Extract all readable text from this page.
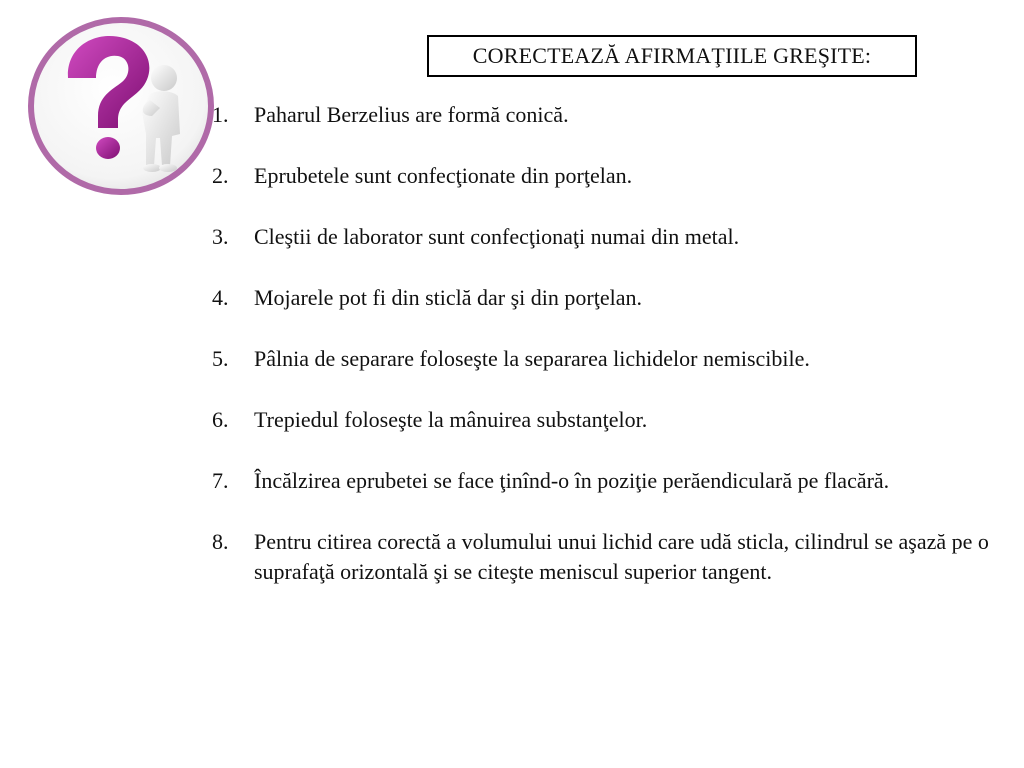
CORECTEAZĂ AFIRMAŢIILE GREŞITE:
1.	Paharul Berzelius are formă conică.
2.	Eprubetele sunt confecţionate din porţelan.
3.	Cleştii de laborator sunt confecţionaţi numai din metal.
4.	Mojarele pot fi din sticlă dar şi din porţelan.
5.	Pâlnia de separare foloseşte la separarea lichidelor nemiscibile.
6.	Trepiedul foloseşte la mânuirea substanţelor.
7.	Încălzirea eprubetei se face ţinînd-o în poziţie perăendiculară pe flacără.
8.	Pentru citirea corectă a volumului unui lichid care udă sticla, cilindrul se aşază pe o suprafaţă orizontală şi se citeşte meniscul superior tangent.
